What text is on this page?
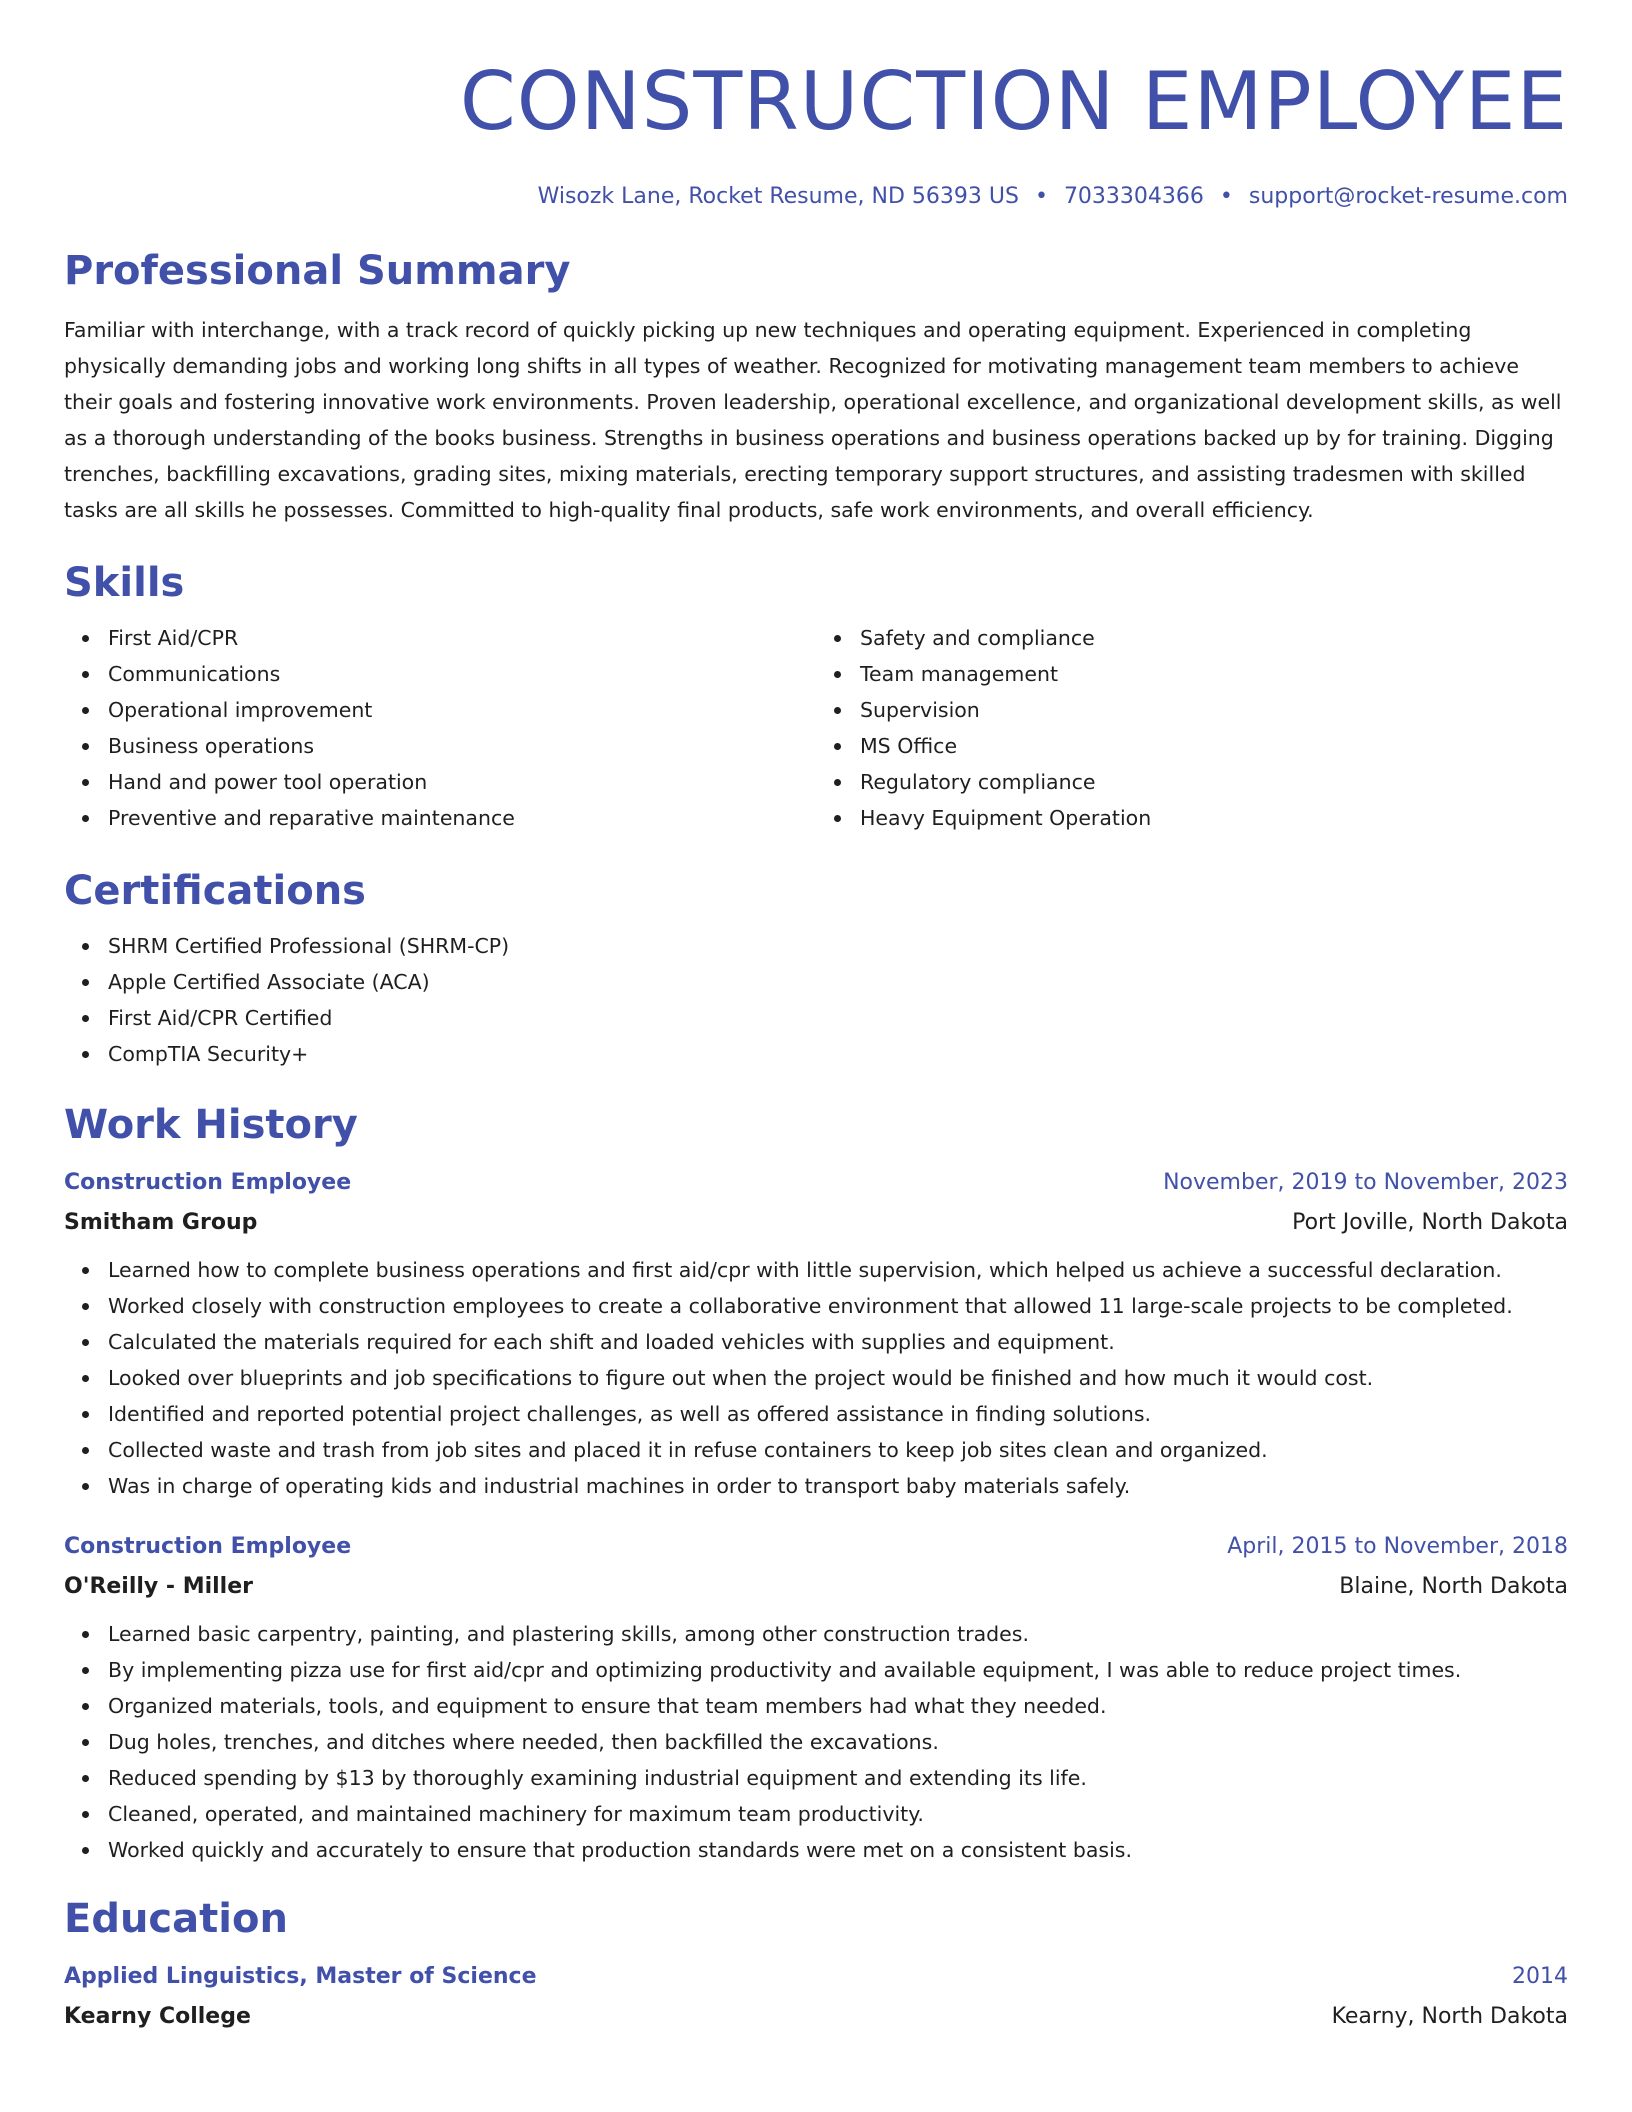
CONSTRUCTION EMPLOYEE
Wisozk Lane, Rocket Resume, ND 56393 US • 7033304366 • support@rocket-resume.com
Professional Summary
Familiar with interchange, with a track record of quickly picking up new techniques and operating equipment. Experienced in completing physically demanding jobs and working long shifts in all types of weather. Recognized for motivating management team members to achieve their goals and fostering innovative work environments. Proven leadership, operational excellence, and organizational development skills, as well as a thorough understanding of the books business. Strengths in business operations and business operations backed up by for training. Digging trenches, backfilling excavations, grading sites, mixing materials, erecting temporary support structures, and assisting tradesmen with skilled tasks are all skills he possesses. Committed to high-quality final products, safe work environments, and overall efficiency.
Skills
First Aid/CPR
Communications
Operational improvement
Business operations
Hand and power tool operation
Preventive and reparative maintenance
Safety and compliance
Team management
Supervision
MS Office
Regulatory compliance
Heavy Equipment Operation
Certifications
SHRM Certified Professional (SHRM-CP)
Apple Certified Associate (ACA)
First Aid/CPR Certified
CompTIA Security+
Work History
Construction Employee	November, 2019 to November, 2023
Smitham Group	Port Joville, North Dakota
Learned how to complete business operations and first aid/cpr with little supervision, which helped us achieve a successful declaration.
Worked closely with construction employees to create a collaborative environment that allowed 11 large-scale projects to be completed.
Calculated the materials required for each shift and loaded vehicles with supplies and equipment.
Looked over blueprints and job specifications to figure out when the project would be finished and how much it would cost.
Identified and reported potential project challenges, as well as offered assistance in finding solutions.
Collected waste and trash from job sites and placed it in refuse containers to keep job sites clean and organized.
Was in charge of operating kids and industrial machines in order to transport baby materials safely.
Construction Employee	April, 2015 to November, 2018
O'Reilly - Miller	Blaine, North Dakota
Learned basic carpentry, painting, and plastering skills, among other construction trades.
By implementing pizza use for first aid/cpr and optimizing productivity and available equipment, I was able to reduce project times.
Organized materials, tools, and equipment to ensure that team members had what they needed.
Dug holes, trenches, and ditches where needed, then backfilled the excavations.
Reduced spending by $13 by thoroughly examining industrial equipment and extending its life.
Cleaned, operated, and maintained machinery for maximum team productivity.
Worked quickly and accurately to ensure that production standards were met on a consistent basis.
Education
Applied Linguistics, Master of Science	2014
Kearny College	Kearny, North Dakota
